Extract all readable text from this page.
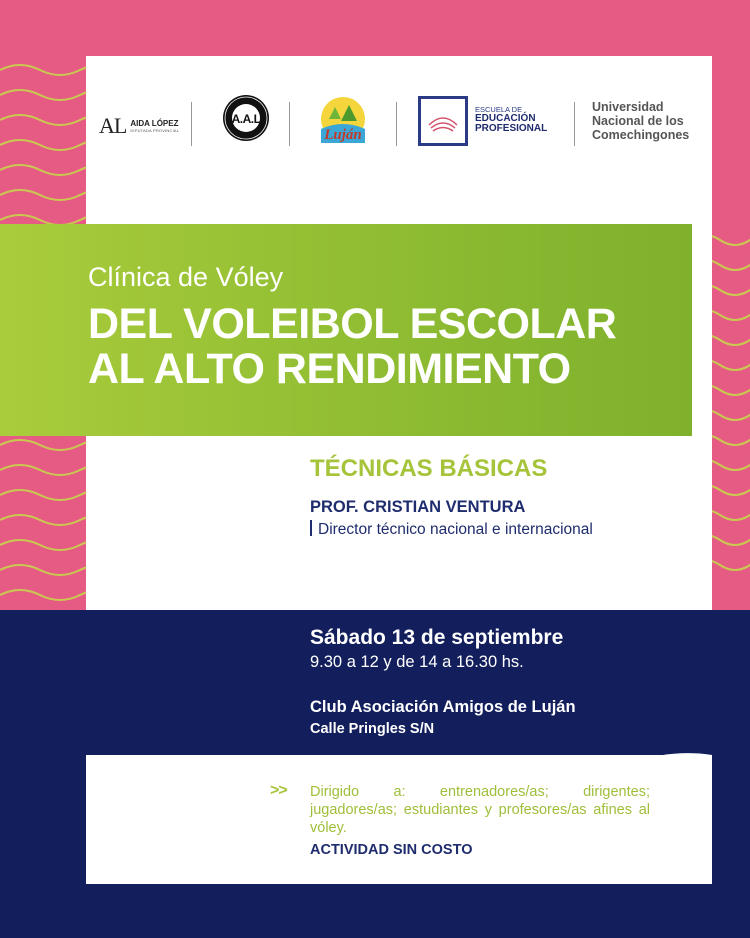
AL AIDA LÓPEZ
DIPUTADA PROVINCIAL
A.A.L
Luján
ESCUELA DE
EDUCACIÓN
PROFESIONAL
Universidad
Nacional de los
Comechingones
Clínica de Vóley
DEL VOLEIBOL ESCOLAR
AL ALTO RENDIMIENTO
TÉCNICAS BÁSICAS
PROF. CRISTIAN VENTURA
Director técnico nacional e internacional
Sábado 13 de septiembre
9.30 a 12 y de 14 a 16.30 hs.
Club Asociación Amigos de Luján
Calle Pringles S/N
>> Dirigido a: entrenadores/as; dirigentes; jugadores/as; estudiantes y profesores/as afines al vóley.
ACTIVIDAD SIN COSTO
